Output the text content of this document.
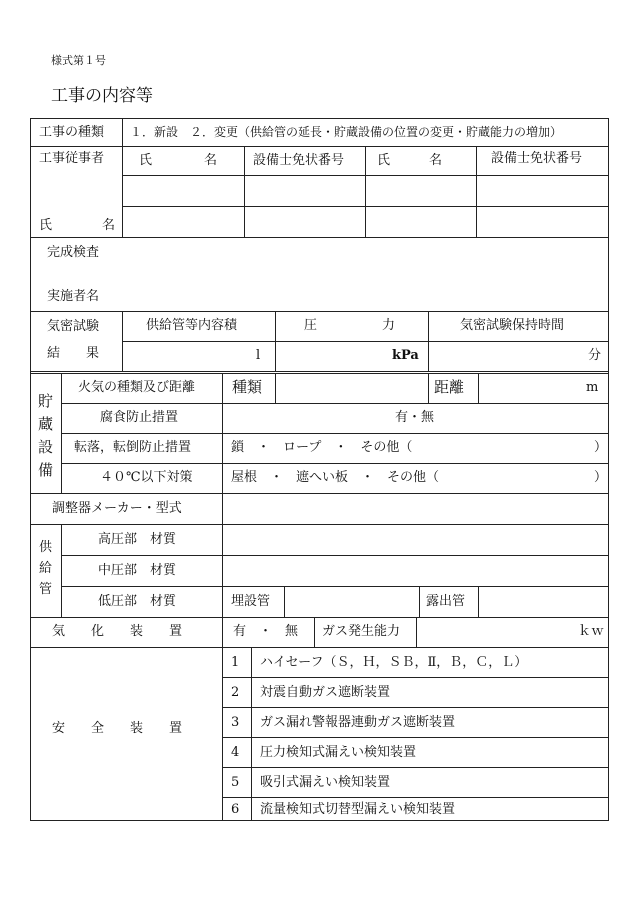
様式第１号
工事の内容等
工事の種類 １．新設　２．変更（供給管の延長・貯蔵設備の位置の変更・貯蔵能力の増加）
工事従事者
氏	名
氏　　　　名	設備士免状番号	氏　　　名	設備士免状番号
完成検査
実施者名
気密試験
結　　果
供給管等内容積	圧　　　　　力	気密試験保持時間
l	kPa	分
貯
蔵
設
備
火気の種類及び距離 種類	距離	m
腐食防止措置	有・無
転落，転倒防止措置	鎖　・　ロープ　・　その他（	）
４０℃以下対策	屋根　・　遮へい板　・　その他（	）
調整器メーカー・型式
供
給
管
高圧部　材質
中圧部　材質
低圧部　材質	埋設管	露出管
気　　化　　装　　置	有　・　無 ガス発生能力	ｋｗ
安　　全　　装　　置
1 ハイセーフ（Ｓ，Ｈ，ＳＢ，Ⅱ，Ｂ，Ｃ，Ｌ）
2 対震自動ガス遮断装置
3 ガス漏れ警報器連動ガス遮断装置
4 圧力検知式漏えい検知装置
5 吸引式漏えい検知装置
6 流量検知式切替型漏えい検知装置
